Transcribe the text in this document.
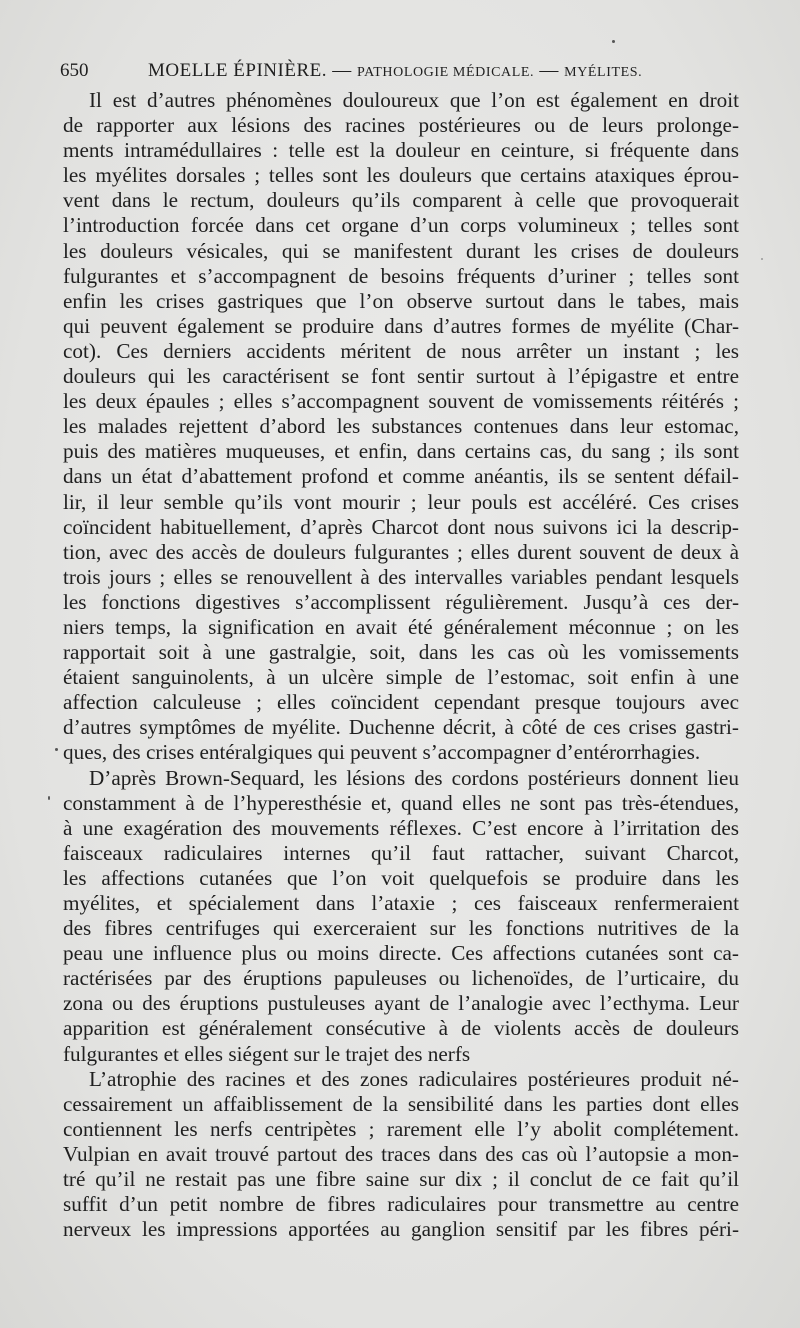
650	MOELLE ÉPINIÈRE. — PATHOLOGIE MÉDICALE. — MYÉLITES.
Il est d’autres phénomènes douloureux que l’on est également en droit
de rapporter aux lésions des racines postérieures ou de leurs prolonge-
ments intramédullaires : telle est la douleur en ceinture, si fréquente dans
les myélites dorsales ; telles sont les douleurs que certains ataxiques éprou-
vent dans le rectum, douleurs qu’ils comparent à celle que provoquerait
l’introduction forcée dans cet organe d’un corps volumineux ; telles sont
les douleurs vésicales, qui se manifestent durant les crises de douleurs
fulgurantes et s’accompagnent de besoins fréquents d’uriner ; telles sont
enfin les crises gastriques que l’on observe surtout dans le tabes, mais
qui peuvent également se produire dans d’autres formes de myélite (Char-
cot). Ces derniers accidents méritent de nous arrêter un instant ; les
douleurs qui les caractérisent se font sentir surtout à l’épigastre et entre
les deux épaules ; elles s’accompagnent souvent de vomissements réitérés ;
les malades rejettent d’abord les substances contenues dans leur estomac,
puis des matières muqueuses, et enfin, dans certains cas, du sang ; ils sont
dans un état d’abattement profond et comme anéantis, ils se sentent défail-
lir, il leur semble qu’ils vont mourir ; leur pouls est accéléré. Ces crises
coïncident habituellement, d’après Charcot dont nous suivons ici la descrip-
tion, avec des accès de douleurs fulgurantes ; elles durent souvent de deux à
trois jours ; elles se renouvellent à des intervalles variables pendant lesquels
les fonctions digestives s’accomplissent régulièrement. Jusqu’à ces der-
niers temps, la signification en avait été généralement méconnue ; on les
rapportait soit à une gastralgie, soit, dans les cas où les vomissements
étaient sanguinolents, à un ulcère simple de l’estomac, soit enfin à une
affection calculeuse ; elles coïncident cependant presque toujours avec
d’autres symptômes de myélite. Duchenne décrit, à côté de ces crises gastri-
ques, des crises entéralgiques qui peuvent s’accompagner d’entérorrhagies.
D’après Brown-Sequard, les lésions des cordons postérieurs donnent lieu
constamment à de l’hyperesthésie et, quand elles ne sont pas très-étendues,
à une exagération des mouvements réflexes. C’est encore à l’irritation des
faisceaux radiculaires internes qu’il faut rattacher, suivant Charcot,
les affections cutanées que l’on voit quelquefois se produire dans les
myélites, et spécialement dans l’ataxie ; ces faisceaux renfermeraient
des fibres centrifuges qui exerceraient sur les fonctions nutritives de la
peau une influence plus ou moins directe. Ces affections cutanées sont ca-
ractérisées par des éruptions papuleuses ou lichenoïdes, de l’urticaire, du
zona ou des éruptions pustuleuses ayant de l’analogie avec l’ecthyma. Leur
apparition est généralement consécutive à de violents accès de douleurs
fulgurantes et elles siégent sur le trajet des nerfs
L’atrophie des racines et des zones radiculaires postérieures produit né-
cessairement un affaiblissement de la sensibilité dans les parties dont elles
contiennent les nerfs centripètes ; rarement elle l’y abolit complétement.
Vulpian en avait trouvé partout des traces dans des cas où l’autopsie a mon-
tré qu’il ne restait pas une fibre saine sur dix ; il conclut de ce fait qu’il
suffit d’un petit nombre de fibres radiculaires pour transmettre au centre
nerveux les impressions apportées au ganglion sensitif par les fibres péri-
